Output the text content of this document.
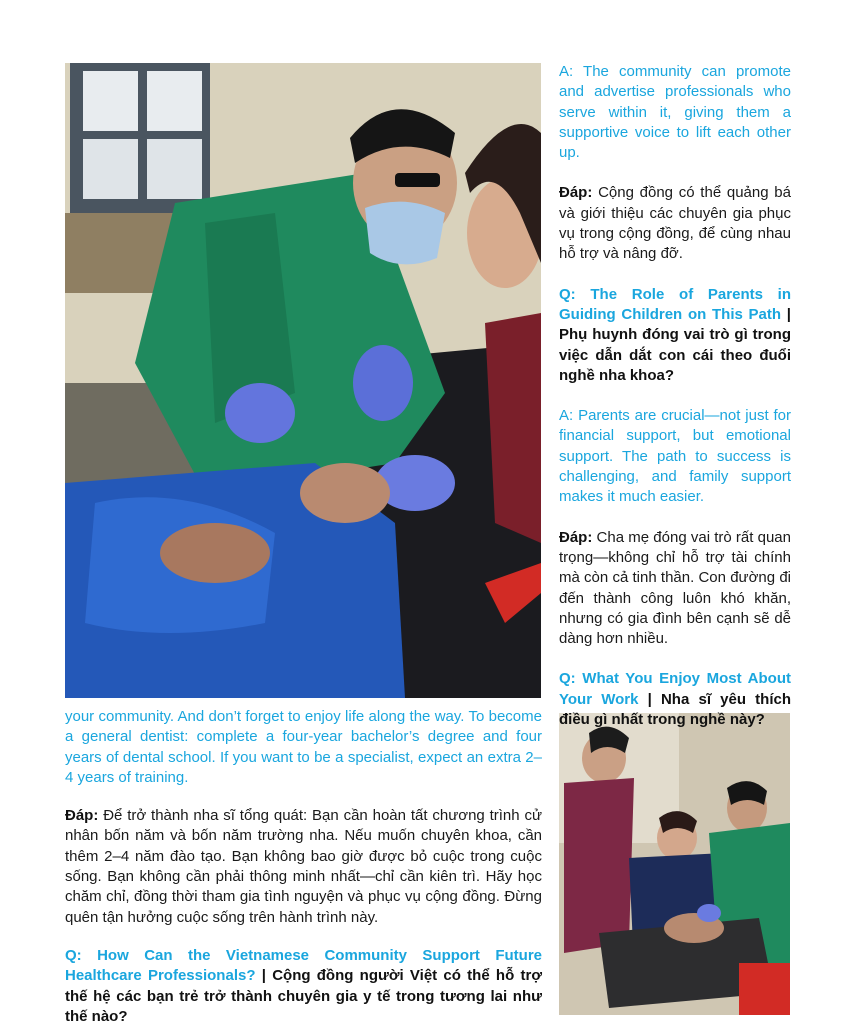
A: The community can promote and advertise professionals who serve within it, giving them a supportive voice to lift each other up.

Đáp: Cộng đồng có thể quảng bá và giới thiệu các chuyên gia phục vụ trong cộng đồng, để cùng nhau hỗ trợ và nâng đỡ.

Q: The Role of Parents in Guiding Children on This Path | Phụ huynh đóng vai trò gì trong việc dẫn dắt con cái theo đuổi nghề nha khoa?

A: Parents are crucial—not just for financial support, but emotional support. The path to success is challenging, and family support makes it much easier.

Đáp: Cha mẹ đóng vai trò rất quan trọng—không chỉ hỗ trợ tài chính mà còn cả tinh thần. Con đường đi đến thành công luôn khó khăn, nhưng có gia đình bên cạnh sẽ dễ dàng hơn nhiều.

Q: What You Enjoy Most About Your Work | Nha sĩ yêu thích điều gì nhất trong nghề này?

your community. And don’t forget to enjoy life along the way. To become a general dentist: complete a four-year bachelor’s degree and four years of dental school. If you want to be a specialist, expect an extra 2–4 years of training.

Đáp: Để trở thành nha sĩ tổng quát: Bạn cần hoàn tất chương trình cử nhân bốn năm và bốn năm trường nha. Nếu muốn chuyên khoa, cần thêm 2–4 năm đào tạo. Bạn không bao giờ được bỏ cuộc trong cuộc sống. Bạn không cần phải thông minh nhất—chỉ cần kiên trì. Hãy học chăm chỉ, đồng thời tham gia tình nguyện và phục vụ cộng đồng. Đừng quên tận hưởng cuộc sống trên hành trình này.

Q: How Can the Vietnamese Community Support Future Healthcare Professionals? | Cộng đồng người Việt có thể hỗ trợ thế hệ các bạn trẻ trở thành chuyên gia y tế trong tương lai như thế nào?
